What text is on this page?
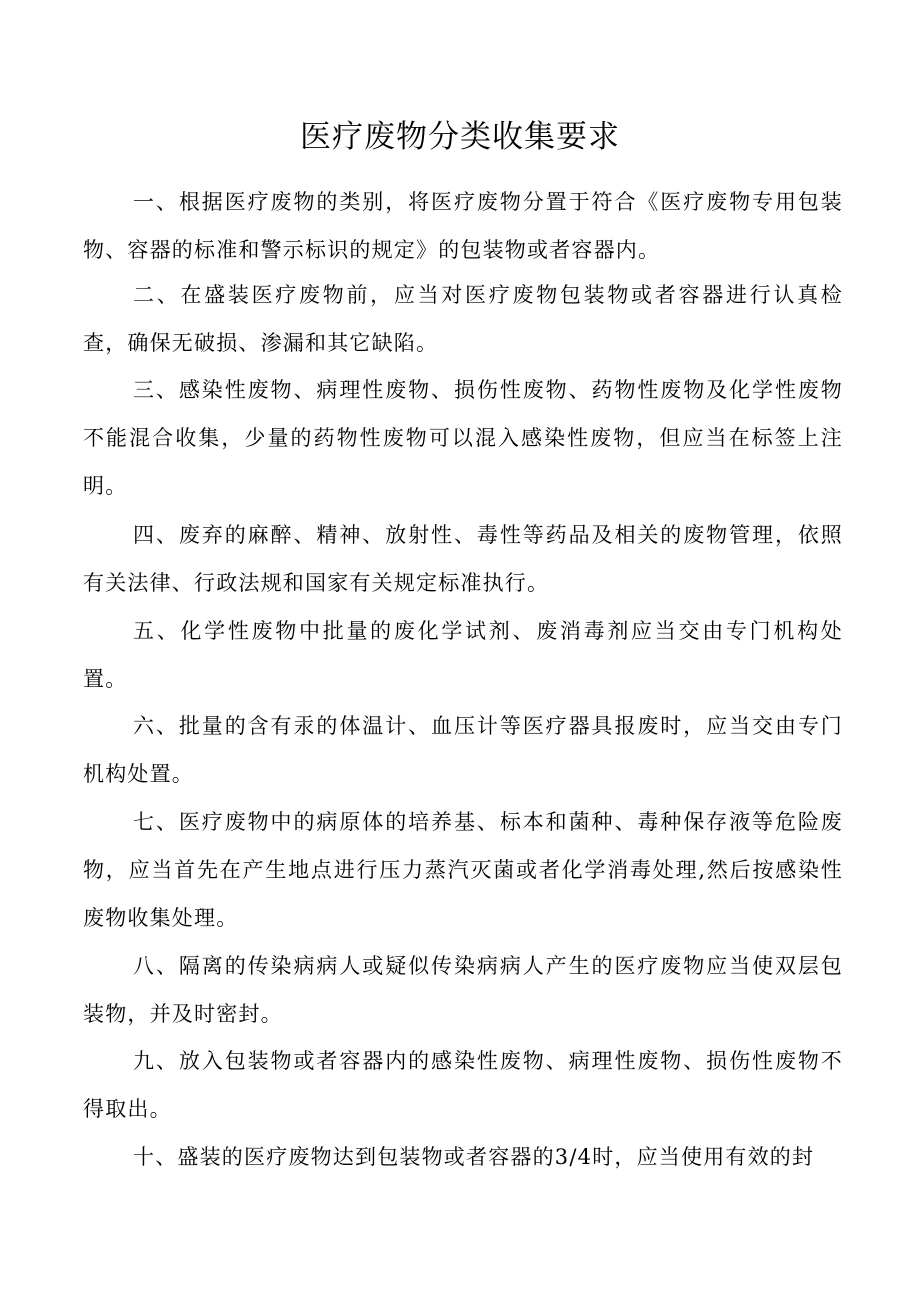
医疗废物分类收集要求

一、根据医疗废物的类别，将医疗废物分置于符合《医疗废物专用包装物、容器的标准和警示标识的规定》的包装物或者容器内。

二、在盛装医疗废物前，应当对医疗废物包装物或者容器进行认真检查，确保无破损、渗漏和其它缺陷。

三、感染性废物、病理性废物、损伤性废物、药物性废物及化学性废物不能混合收集，少量的药物性废物可以混入感染性废物，但应当在标签上注明。

四、废弃的麻醉、精神、放射性、毒性等药品及相关的废物管理，依照有关法律、行政法规和国家有关规定标准执行。

五、化学性废物中批量的废化学试剂、废消毒剂应当交由专门机构处置。

六、批量的含有汞的体温计、血压计等医疗器具报废时，应当交由专门机构处置。

七、医疗废物中的病原体的培养基、标本和菌种、毒种保存液等危险废物，应当首先在产生地点进行压力蒸汽灭菌或者化学消毒处理,然后按感染性废物收集处理。

八、隔离的传染病病人或疑似传染病病人产生的医疗废物应当使双层包装物，并及时密封。

九、放入包装物或者容器内的感染性废物、病理性废物、损伤性废物不得取出。

十、盛装的医疗废物达到包装物或者容器的3/4时，应当使用有效的封
